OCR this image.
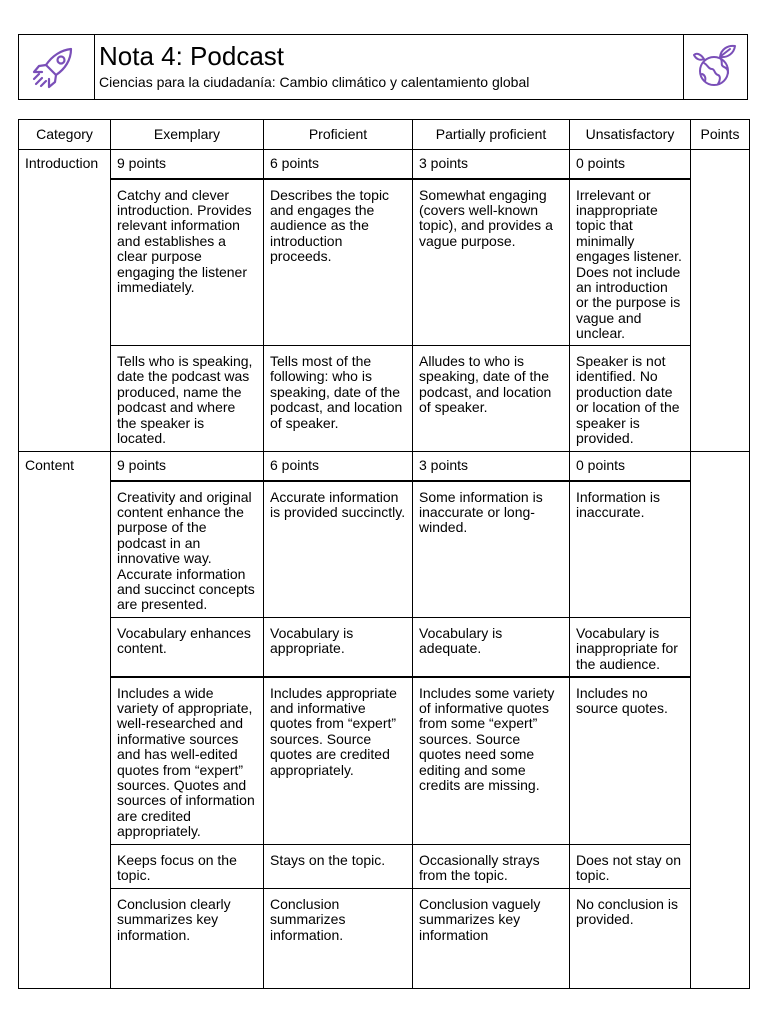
Nota 4: Podcast
Ciencias para la ciudadanía: Cambio climático y calentamiento global
Category	Exemplary	Proficient	Partially proficient	Unsatisfactory	Points
Introduction	9 points	6 points	3 points	0 points	
	Catchy and clever introduction. Provides relevant information and establishes a clear purpose engaging the listener immediately.	Describes the topic and engages the audience as the introduction proceeds.	Somewhat engaging (covers well-known topic), and provides a vague purpose.	Irrelevant or inappropriate topic that minimally engages listener. Does not include an introduction or the purpose is vague and unclear.	
	Tells who is speaking, date the podcast was produced, name the podcast and where the speaker is located.	Tells most of the following: who is speaking, date of the podcast, and location of speaker.	Alludes to who is speaking, date of the podcast, and location of speaker.	Speaker is not identified. No production date or location of the speaker is provided.	
Content	9 points	6 points	3 points	0 points	
	Creativity and original content enhance the purpose of the podcast in an innovative way. Accurate information and succinct concepts are presented.	Accurate information is provided succinctly.	Some information is inaccurate or long-winded.	Information is inaccurate.	
	Vocabulary enhances content.	Vocabulary is appropriate.	Vocabulary is adequate.	Vocabulary is inappropriate for the audience.	
	Includes a wide variety of appropriate, well-researched and informative sources and has well-edited quotes from “expert” sources. Quotes and sources of information are credited appropriately.	Includes appropriate and informative quotes from “expert” sources. Source quotes are credited appropriately.	Includes some variety of informative quotes from some “expert” sources. Source quotes need some editing and some credits are missing.	Includes no source quotes.	
	Keeps focus on the topic.	Stays on the topic.	Occasionally strays from the topic.	Does not stay on topic.	
	Conclusion clearly summarizes key information.	Conclusion summarizes information.	Conclusion vaguely summarizes key information	No conclusion is provided.	
